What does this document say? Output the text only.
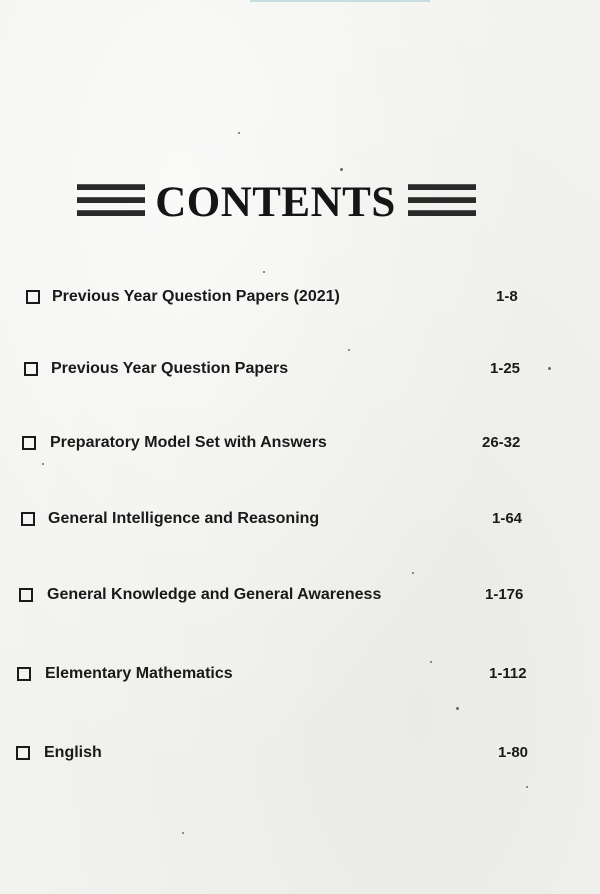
CONTENTS
Previous Year Question Papers (2021)	1-8
Previous Year Question Papers	1-25
Preparatory Model Set with Answers	26-32
General Intelligence and Reasoning	1-64
General Knowledge and General Awareness	1-176
Elementary Mathematics	1-112
English	1-80
